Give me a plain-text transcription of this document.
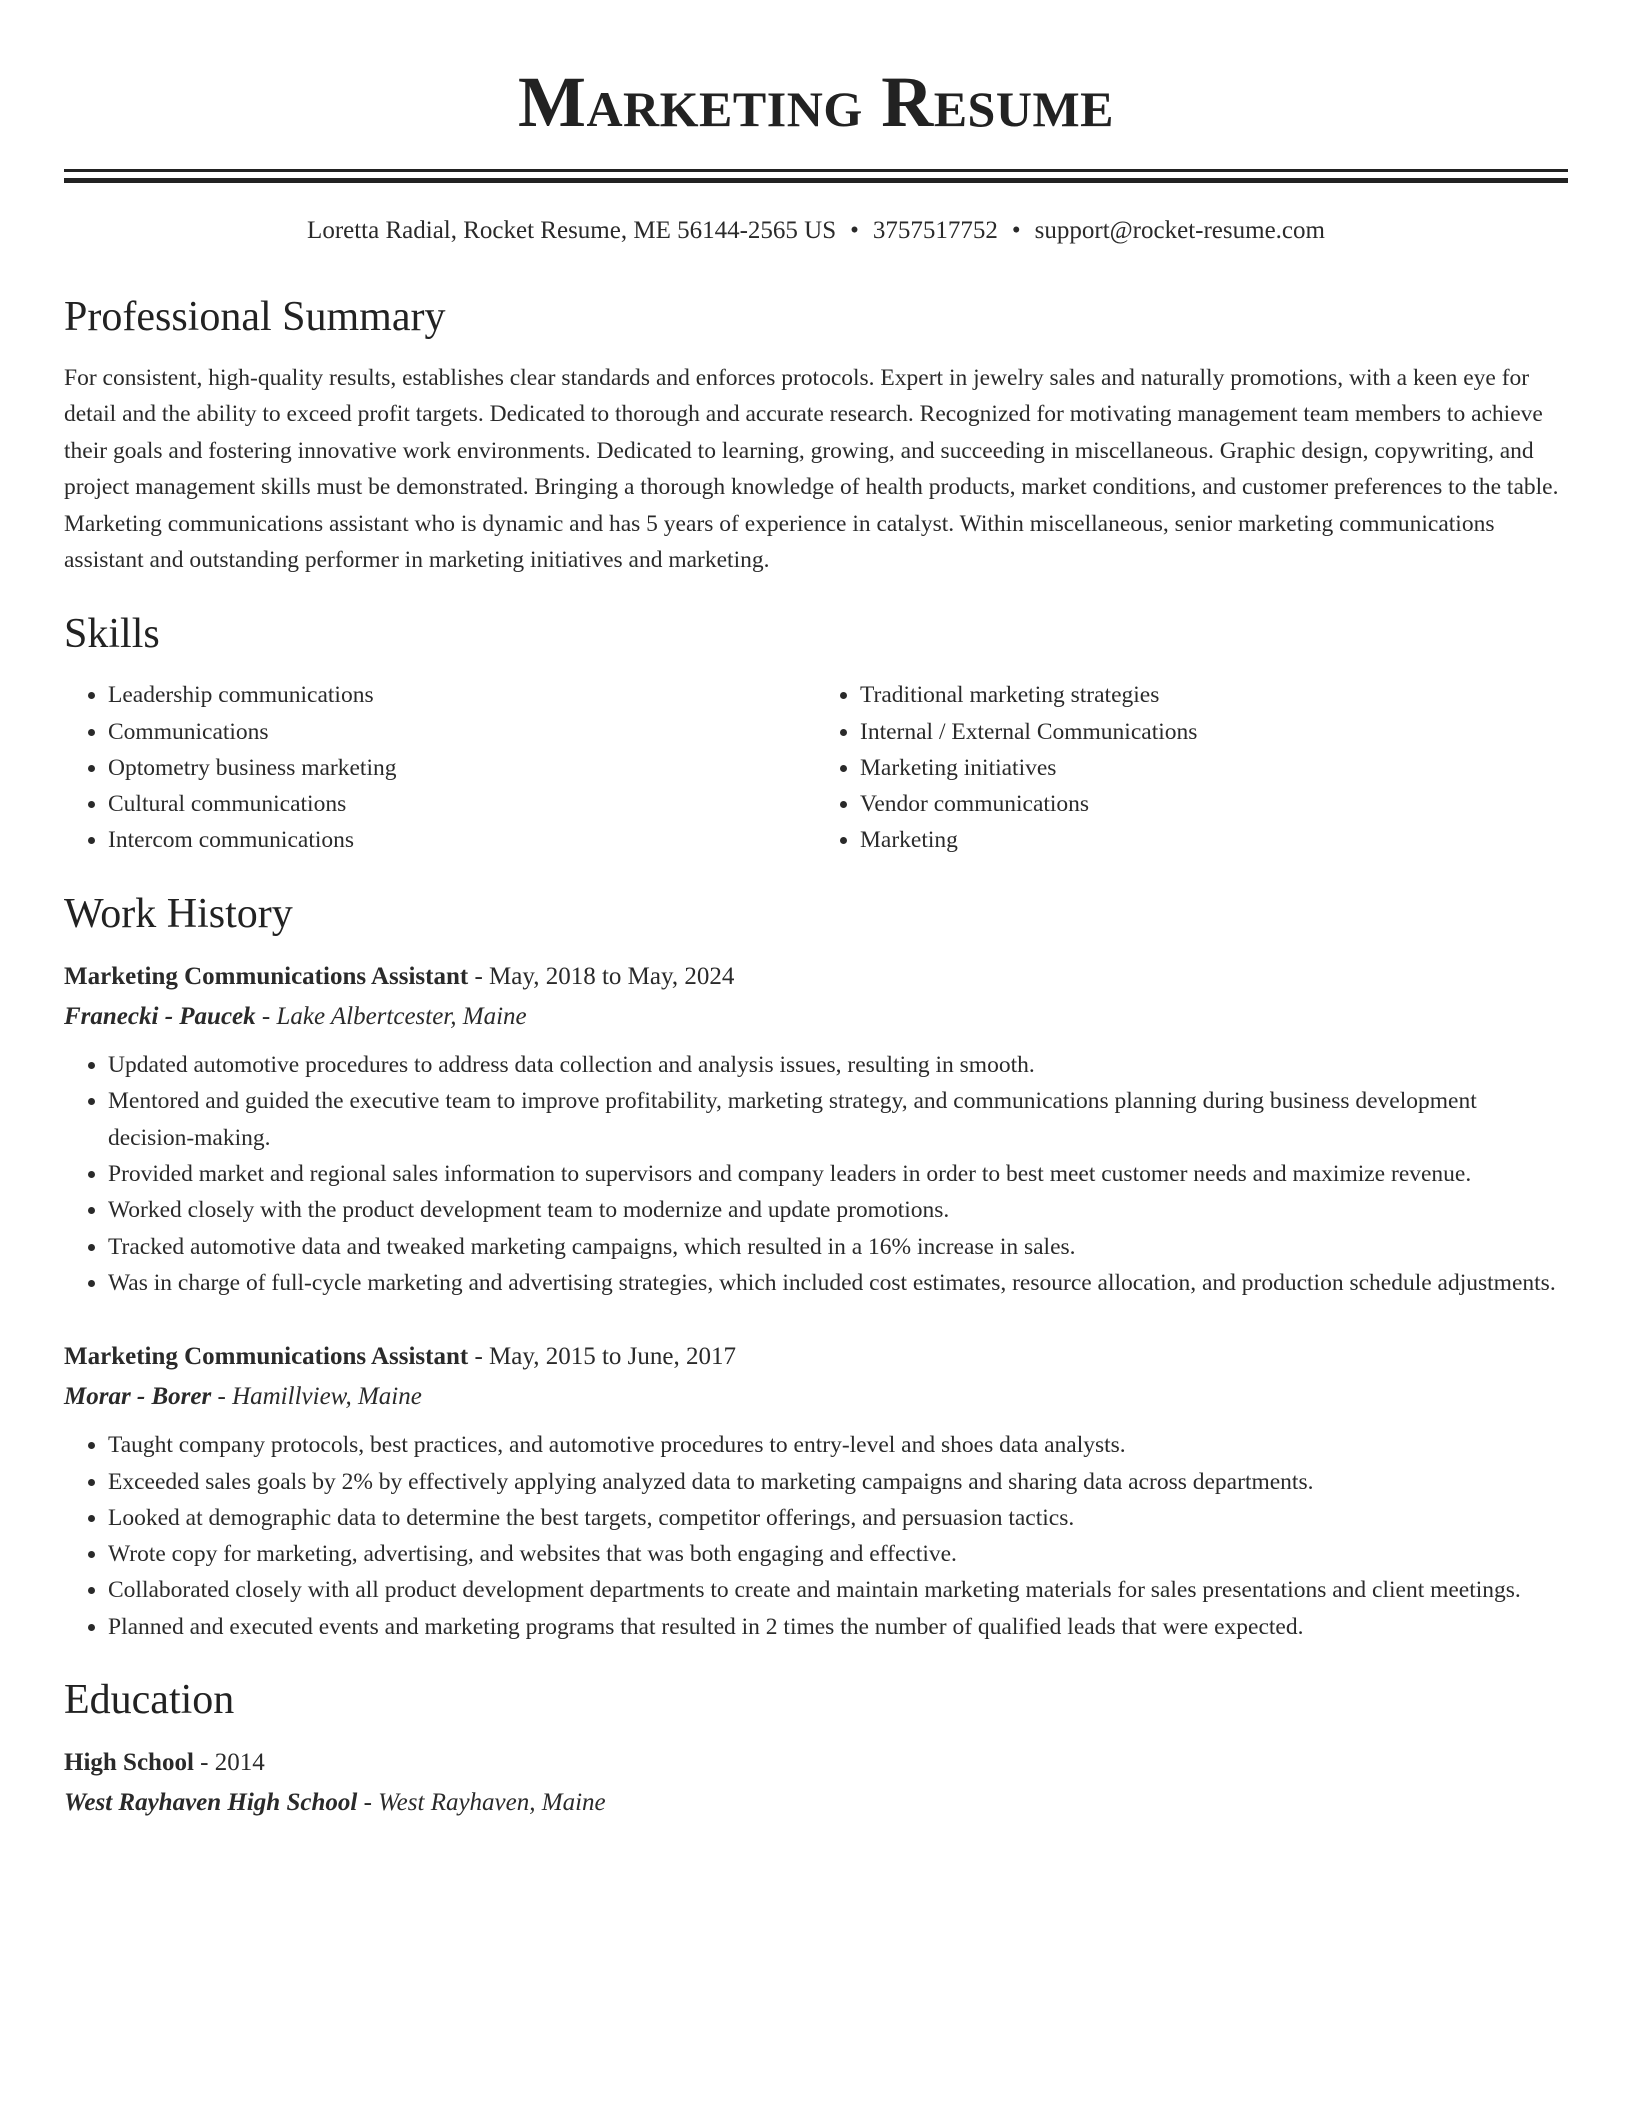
Marketing Resume
Loretta Radial, Rocket Resume, ME 56144-2565 US • 3757517752 • support@rocket-resume.com
Professional Summary
For consistent, high-quality results, establishes clear standards and enforces protocols. Expert in jewelry sales and naturally promotions, with a keen eye for detail and the ability to exceed profit targets. Dedicated to thorough and accurate research. Recognized for motivating management team members to achieve their goals and fostering innovative work environments. Dedicated to learning, growing, and succeeding in miscellaneous. Graphic design, copywriting, and project management skills must be demonstrated. Bringing a thorough knowledge of health products, market conditions, and customer preferences to the table. Marketing communications assistant who is dynamic and has 5 years of experience in catalyst. Within miscellaneous, senior marketing communications assistant and outstanding performer in marketing initiatives and marketing.
Skills
• Leadership communications
• Communications
• Optometry business marketing
• Cultural communications
• Intercom communications
• Traditional marketing strategies
• Internal / External Communications
• Marketing initiatives
• Vendor communications
• Marketing
Work History
Marketing Communications Assistant - May, 2018 to May, 2024
Franecki - Paucek - Lake Albertcester, Maine
• Updated automotive procedures to address data collection and analysis issues, resulting in smooth.
• Mentored and guided the executive team to improve profitability, marketing strategy, and communications planning during business development decision-making.
• Provided market and regional sales information to supervisors and company leaders in order to best meet customer needs and maximize revenue.
• Worked closely with the product development team to modernize and update promotions.
• Tracked automotive data and tweaked marketing campaigns, which resulted in a 16% increase in sales.
• Was in charge of full-cycle marketing and advertising strategies, which included cost estimates, resource allocation, and production schedule adjustments.
Marketing Communications Assistant - May, 2015 to June, 2017
Morar - Borer - Hamillview, Maine
• Taught company protocols, best practices, and automotive procedures to entry-level and shoes data analysts.
• Exceeded sales goals by 2% by effectively applying analyzed data to marketing campaigns and sharing data across departments.
• Looked at demographic data to determine the best targets, competitor offerings, and persuasion tactics.
• Wrote copy for marketing, advertising, and websites that was both engaging and effective.
• Collaborated closely with all product development departments to create and maintain marketing materials for sales presentations and client meetings.
• Planned and executed events and marketing programs that resulted in 2 times the number of qualified leads that were expected.
Education
High School - 2014
West Rayhaven High School - West Rayhaven, Maine
